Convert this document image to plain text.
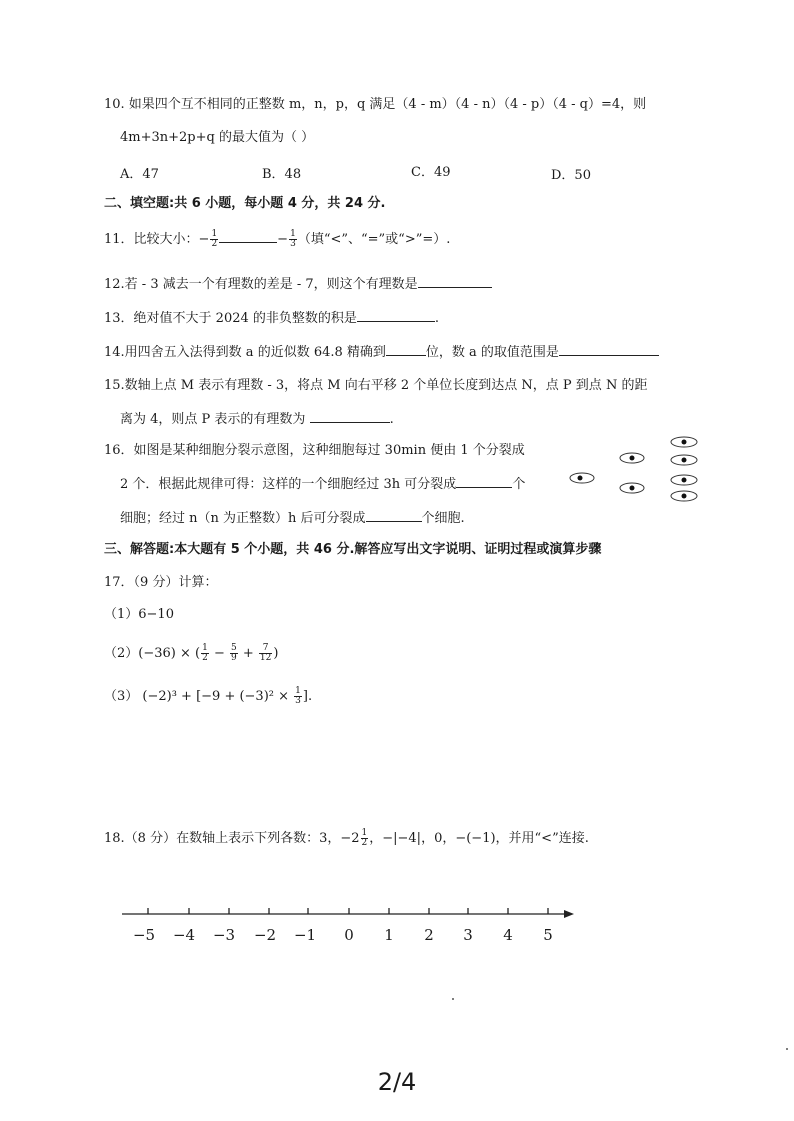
10. 如果四个互不相同的正整数 m，n，p，q 满足（4 - m）（4 - n）（4 - p）（4 - q）=4，则
4m+3n+2p+q 的最大值为（ ）
A．47	B．48	C．49	D．50
二、填空题:共 6 小题，每小题 4 分，共 24 分.
11．比较大小：− $\frac{1}{2}$	− $\frac{1}{3}$ （填“<”、“=”或“>”=）.
12.若 - 3 减去一个有理数的差是 - 7，则这个有理数是
13．绝对值不大于 2024 的非负整数的积是	.
14.用四舍五入法得到数 a 的近似数 64.8 精确到	位，数 a 的取值范围是
15.数轴上点 M 表示有理数 - 3，将点 M 向右平移 2 个单位长度到达点 N，点 P 到点 N 的距
离为 4，则点 P 表示的有理数为	.
16．如图是某种细胞分裂示意图，这种细胞每过 30min 便由 1 个分裂成
2 个．根据此规律可得：这样的一个细胞经过 3h 可分裂成	个
细胞；经过 n（n 为正整数）h 后可分裂成	个细胞.
三、解答题:本大题有 5 个小题，共 46 分.解答应写出文字说明、证明过程或演算步骤
17．（9 分）计算：
（1）6−10
（2）(−36) × ( $\frac{1}{2} - \frac{5}{9} + \frac{7}{12}$ )
（3） $(-2)^3 + [-9 + (-3)^2 \times \frac{1}{3}$ ].
18.（8 分）在数轴上表示下列各数：3，$-2 \frac{1}{2}$ ，−|−4|，0，−(−1)，并用“<”连接.
−5 −4 −3 −2 −1 0 1 2 3 4 5
2/4
